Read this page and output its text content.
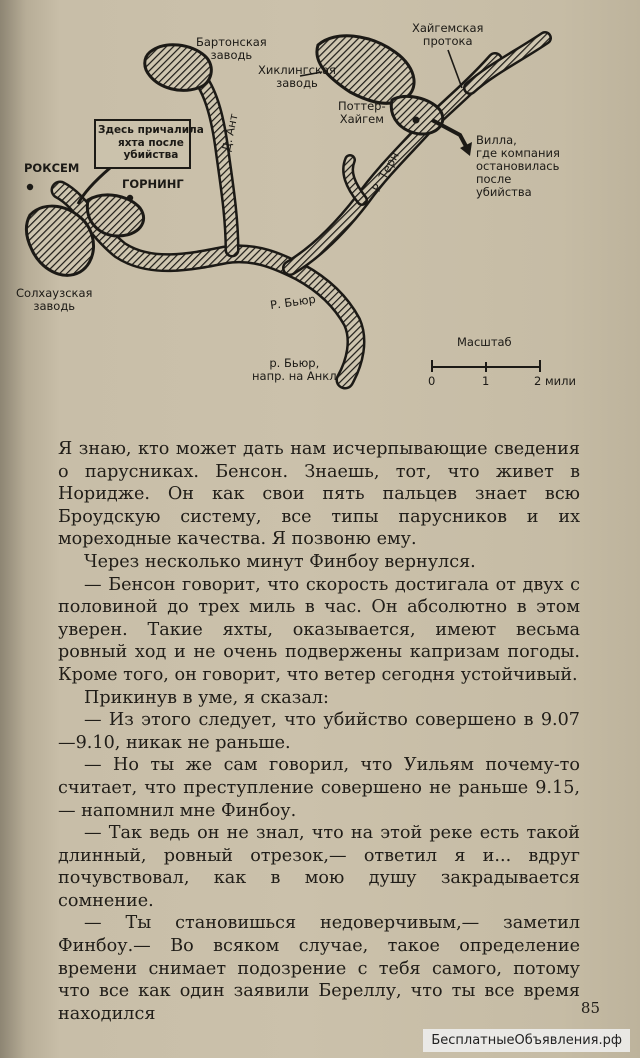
Бартонская
заводь
Хайгемская
протока
Хиклингская
заводь
Поттер-
Хайгем
Здесь причалила
яхта после
убийства
Д. Ант
РОКСЕМ
ГОРНИНГ	Р. Терн
Вилла,
где компания
остановилась
после
убийства
Солхаузская
заводь	Р. Бьюр
р. Бьюр,
напр. на Анкл
Масштаб
0	1	2 мили

Я знаю, кто может дать нам исчерпывающие сведения о парусниках. Бенсон. Знаешь, тот, что живет в Норидже. Он как свои пять пальцев знает всю Броудскую систему, все типы парусников и их мореходные качества. Я позвоню ему.

Через несколько минут Финбоу вернулся.

— Бенсон говорит, что скорость достигала от двух с половиной до трех миль в час. Он абсолютно в этом уверен. Такие яхты, оказывается, имеют весьма ровный ход и не очень подвержены капризам погоды. Кроме того, он говорит, что ветер сегодня устойчивый.

Прикинув в уме, я сказал:

— Из этого следует, что убийство совершено в 9.07—9.10, никак не раньше.

— Но ты же сам говорил, что Уильям почему-то считает, что преступление совершено не раньше 9.15,— напомнил мне Финбоу.

— Так ведь он не знал, что на этой реке есть такой длинный, ровный отрезок,— ответил я и... вдруг почувствовал, как в мою душу закрадывается сомнение.

— Ты становишься недоверчивым,— заметил Финбоу.— Во всяком случае, такое определение времени снимает подозрение с тебя самого, потому что все как один заявили Береллу, что ты все время находился	85
БесплатныеОбъявления.рф
